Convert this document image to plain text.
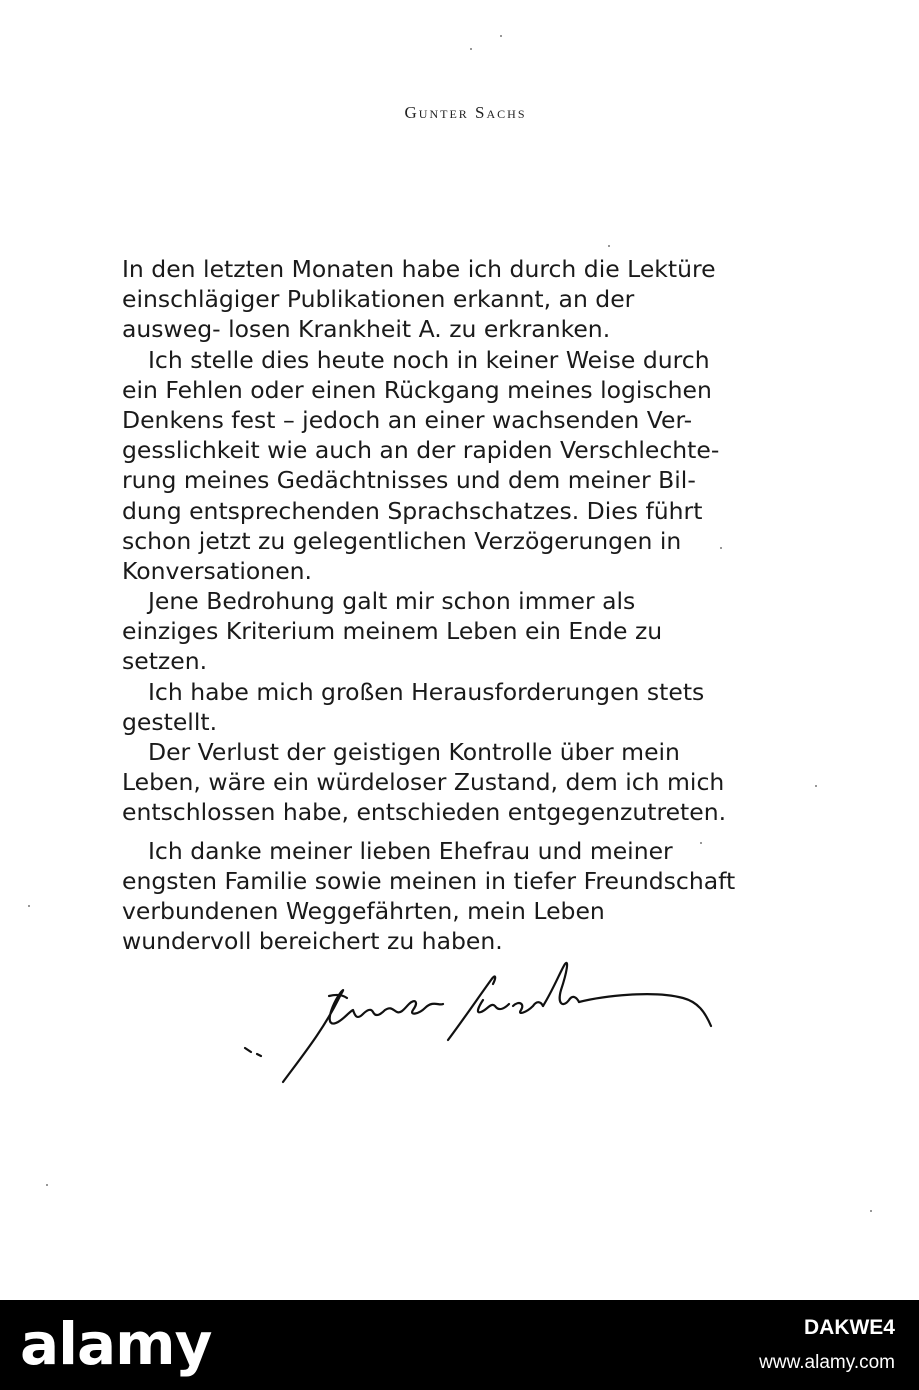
Gunter Sachs
In den letzten Monaten habe ich durch die Lektüre
einschlägiger Publikationen erkannt, an der
ausweg- losen Krankheit A. zu erkranken.
Ich stelle dies heute noch in keiner Weise durch
ein Fehlen oder einen Rückgang meines logischen
Denkens fest – jedoch an einer wachsenden Ver-
gesslichkeit wie auch an der rapiden Verschlechte-
rung meines Gedächtnisses und dem meiner Bil-
dung entsprechenden Sprachschatzes. Dies führt
schon jetzt zu gelegentlichen Verzögerungen in
Konversationen.
Jene Bedrohung galt mir schon immer als
einziges Kriterium meinem Leben ein Ende zu
setzen.
Ich habe mich großen Herausforderungen stets
gestellt.
Der Verlust der geistigen Kontrolle über mein
Leben, wäre ein würdeloser Zustand, dem ich mich
entschlossen habe, entschieden entgegenzutreten.
Ich danke meiner lieben Ehefrau und meiner
engsten Familie sowie meinen in tiefer Freundschaft
verbundenen Weggefährten, mein Leben
wundervoll bereichert zu haben.
alamy	DAKWE4
www.alamy.com
